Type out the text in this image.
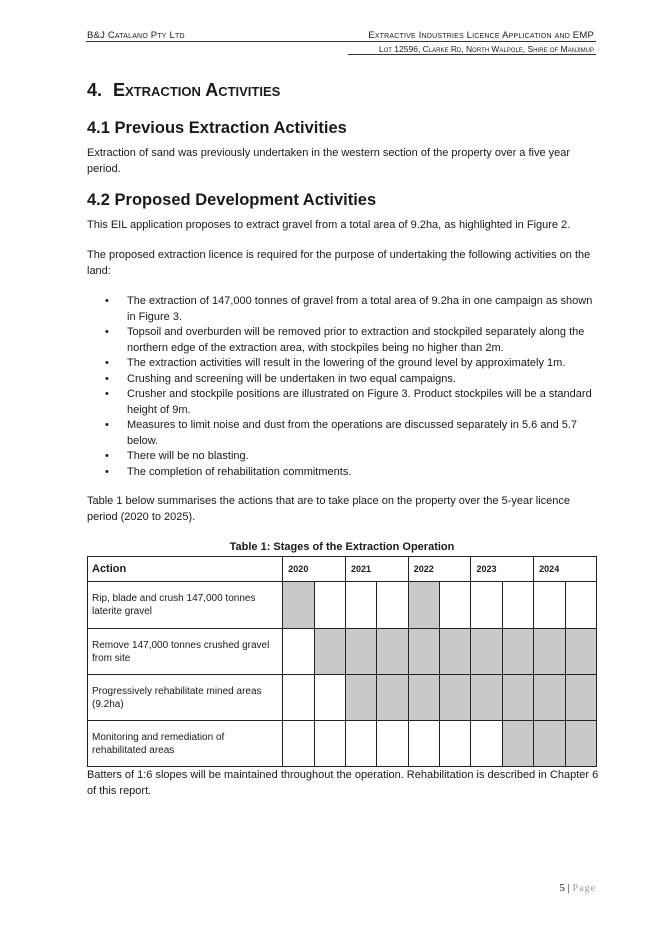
B&J Catalano Pty Ltd	Extractive Industries Licence Application and EMP
Lot 12596, Clarke Rd, North Walpole, Shire of Manjimup
4. Extraction Activities
4.1 Previous Extraction Activities
Extraction of sand was previously undertaken in the western section of the property over a five year period.
4.2 Proposed Development Activities
This EIL application proposes to extract gravel from a total area of 9.2ha, as highlighted in Figure 2.
The proposed extraction licence is required for the purpose of undertaking the following activities on the land:
• The extraction of 147,000 tonnes of gravel from a total area of 9.2ha in one campaign as shown in Figure 3.
• Topsoil and overburden will be removed prior to extraction and stockpiled separately along the northern edge of the extraction area, with stockpiles being no higher than 2m.
• The extraction activities will result in the lowering of the ground level by approximately 1m.
• Crushing and screening will be undertaken in two equal campaigns.
• Crusher and stockpile positions are illustrated on Figure 3. Product stockpiles will be a standard height of 9m.
• Measures to limit noise and dust from the operations are discussed separately in 5.6 and 5.7 below.
• There will be no blasting.
• The completion of rehabilitation commitments.
Table 1 below summarises the actions that are to take place on the property over the 5-year licence period (2020 to 2025).
Table 1: Stages of the Extraction Operation
Action	2020		2021		2022		2023		2024	
Rip, blade and crush 147,000 tonnes laterite gravel										
Remove 147,000 tonnes crushed gravel from site										
Progressively rehabilitate mined areas (9.2ha)										
Monitoring and remediation of rehabilitated areas										
Batters of 1:6 slopes will be maintained throughout the operation. Rehabilitation is described in Chapter 6 of this report.
5 | Page
